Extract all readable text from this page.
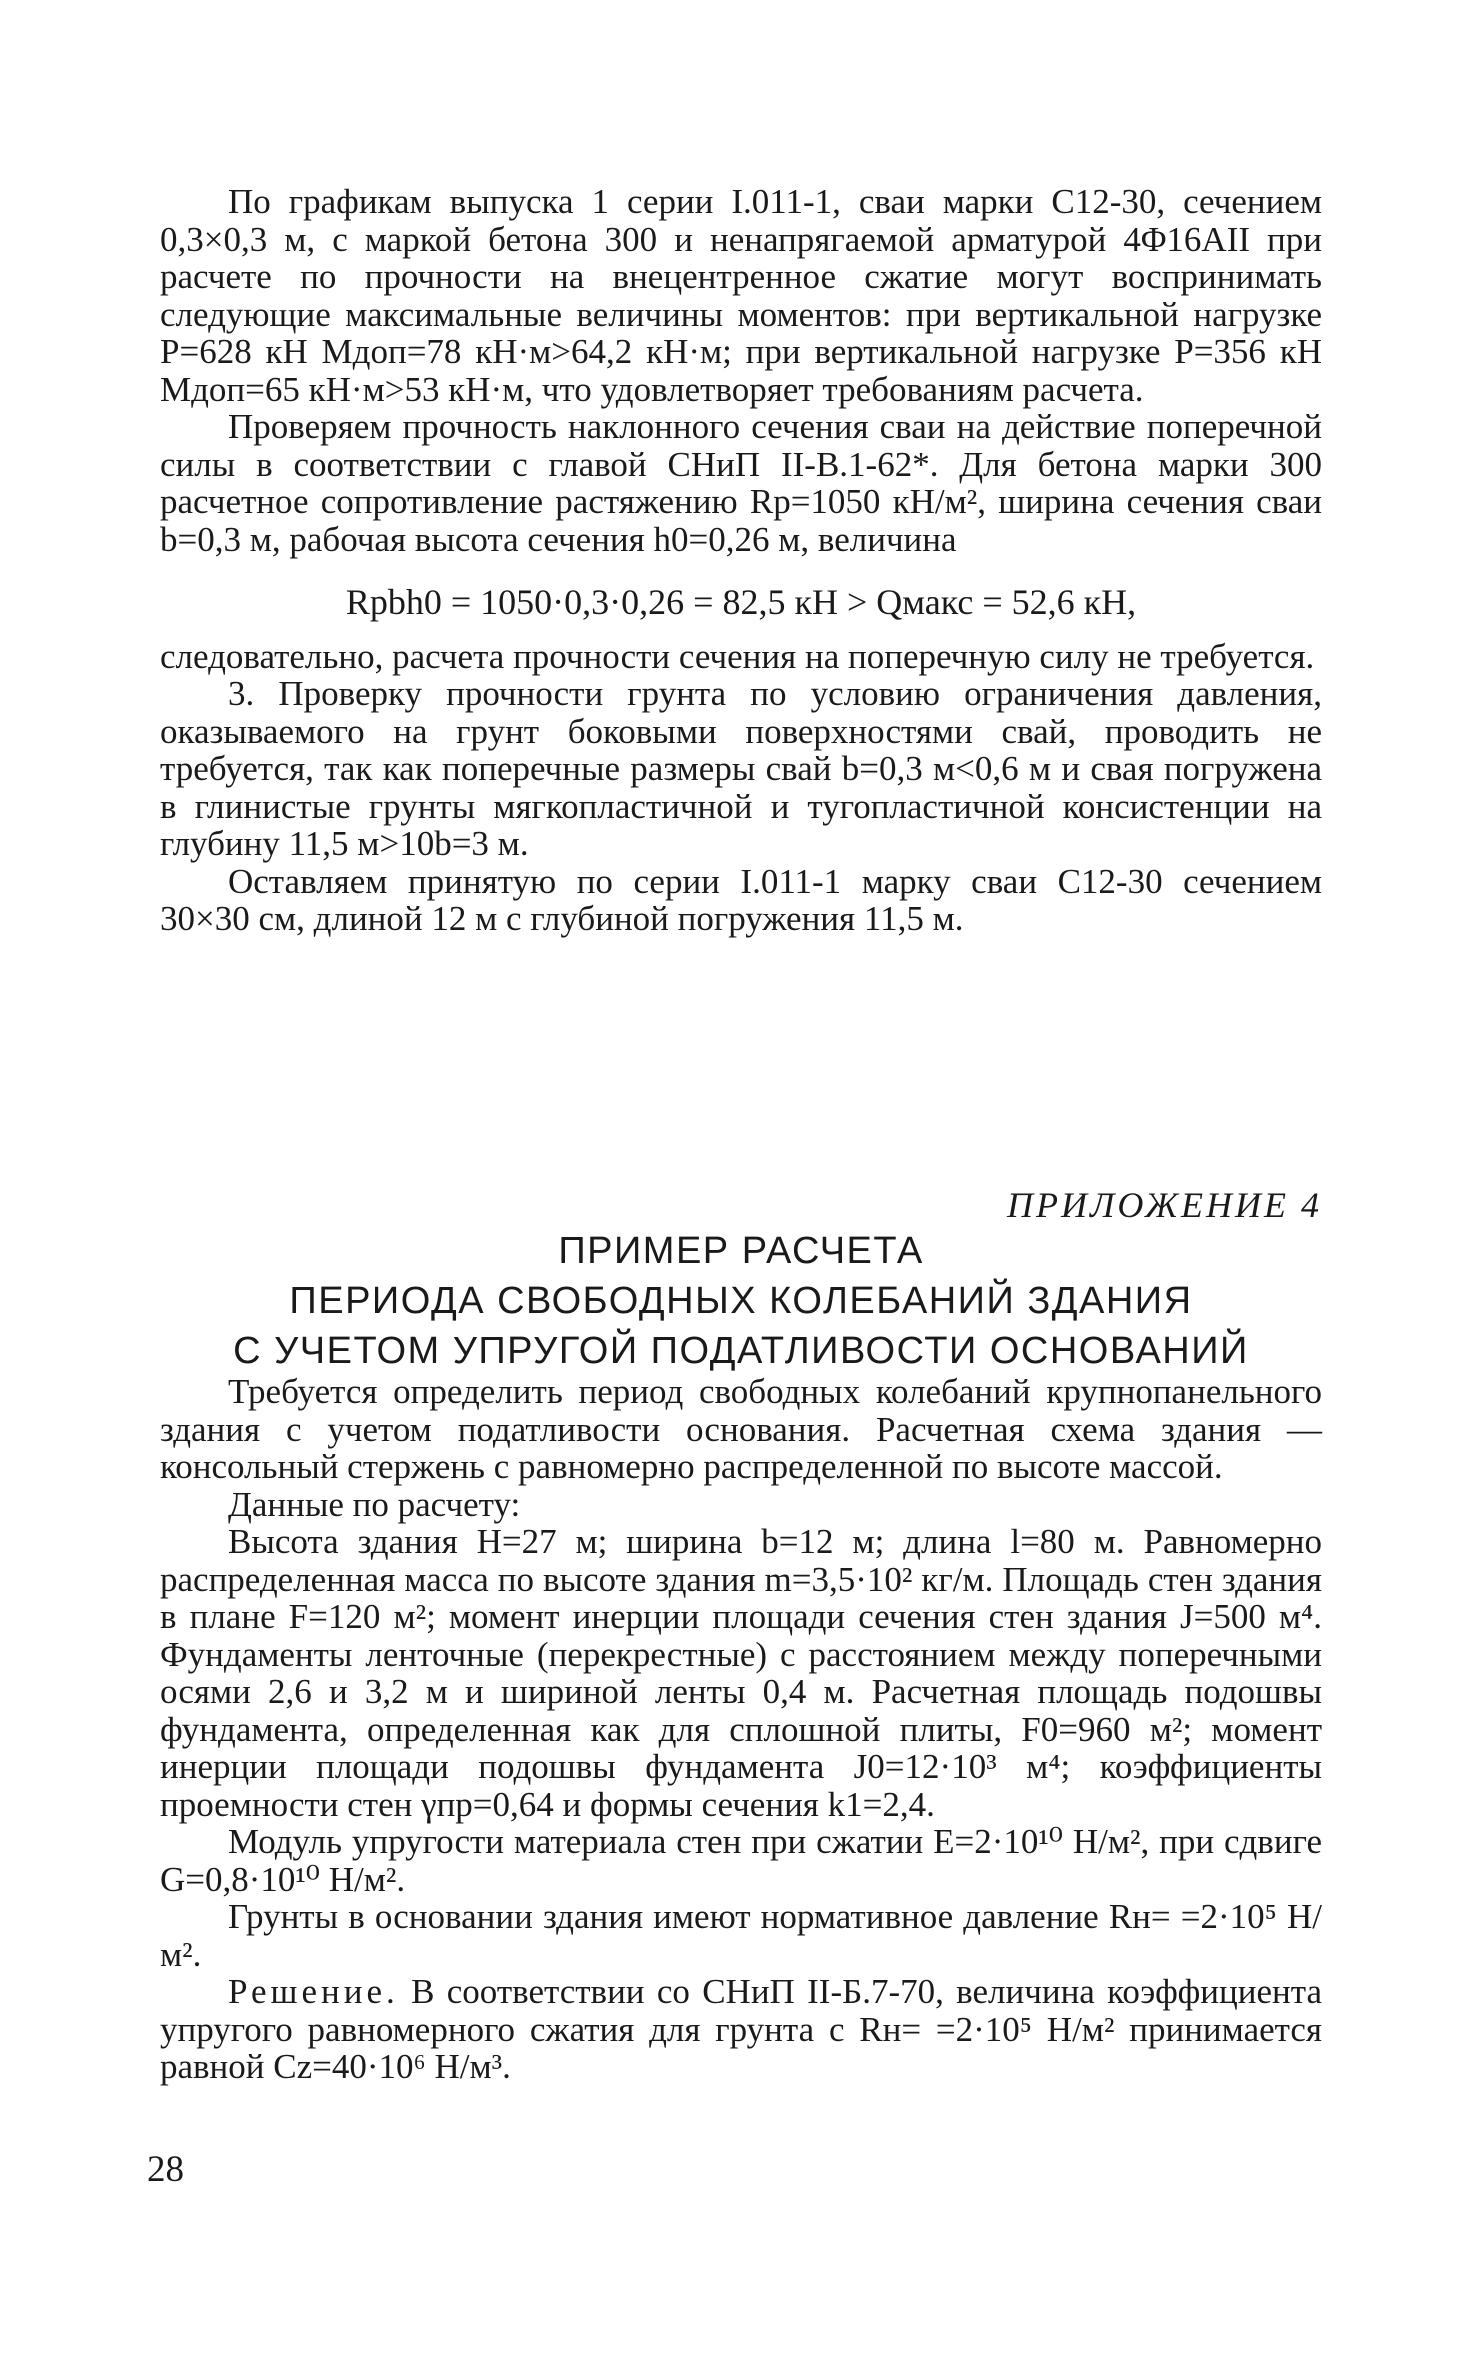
По графикам выпуска 1 серии I.011-1, сваи марки С12-30, сечением 0,3×0,3 м, с маркой бетона 300 и ненапрягаемой арматурой 4Φ16АII при расчете по прочности на внецентренное сжатие могут воспринимать следующие максимальные величины моментов: при вертикальной нагрузке P=628 кН Mдоп=78 кН·м>64,2 кН·м; при вертикальной нагрузке P=356 кН Mдоп=65 кН·м>53 кН·м, что удовлетворяет требованиям расчета.

Проверяем прочность наклонного сечения сваи на действие поперечной силы в соответствии с главой СНиП II-В.1-62*. Для бетона марки 300 расчетное сопротивление растяжению Rр=1050 кН/м², ширина сечения сваи b=0,3 м, рабочая высота сечения h0=0,26 м, величина

Rрbh0 = 1050·0,3·0,26 = 82,5 кН > Qмакс = 52,6 кН,

следовательно, расчета прочности сечения на поперечную силу не требуется.

3. Проверку прочности грунта по условию ограничения давления, оказываемого на грунт боковыми поверхностями свай, проводить не требуется, так как поперечные размеры свай b=0,3 м<0,6 м и свая погружена в глинистые грунты мягкопластичной и тугопластичной консистенции на глубину 11,5 м>10b=3 м.

Оставляем принятую по серии I.011-1 марку сваи С12-30 сечением 30×30 см, длиной 12 м с глубиной погружения 11,5 м.

ПРИЛОЖЕНИЕ 4
ПРИМЕР РАСЧЕТА
ПЕРИОДА СВОБОДНЫХ КОЛЕБАНИЙ ЗДАНИЯ
С УЧЕТОМ УПРУГОЙ ПОДАТЛИВОСТИ ОСНОВАНИЙ

Требуется определить период свободных колебаний крупнопанельного здания с учетом податливости основания. Расчетная схема здания — консольный стержень с равномерно распределенной по высоте массой.

Данные по расчету:

Высота здания H=27 м; ширина b=12 м; длина l=80 м. Равномерно распределенная масса по высоте здания m=3,5·10² кг/м. Площадь стен здания в плане F=120 м²; момент инерции площади сечения стен здания J=500 м⁴. Фундаменты ленточные (перекрестные) с расстоянием между поперечными осями 2,6 и 3,2 м и шириной ленты 0,4 м. Расчетная площадь подошвы фундамента, определенная как для сплошной плиты, F0=960 м²; момент инерции площади подошвы фундамента J0=12·10³ м⁴; коэффициенты проемности стен γпр=0,64 и формы сечения k1=2,4.

Модуль упругости материала стен при сжатии E=2·10¹⁰ Н/м², при сдвиге G=0,8·10¹⁰ Н/м².

Грунты в основании здания имеют нормативное давление Rн= =2·10⁵ Н/м².

Решение. В соответствии со СНиП II-Б.7-70, величина коэффициента упругого равномерного сжатия для грунта с Rн= =2·10⁵ Н/м² принимается равной Cz=40·10⁶ Н/м³.

28
